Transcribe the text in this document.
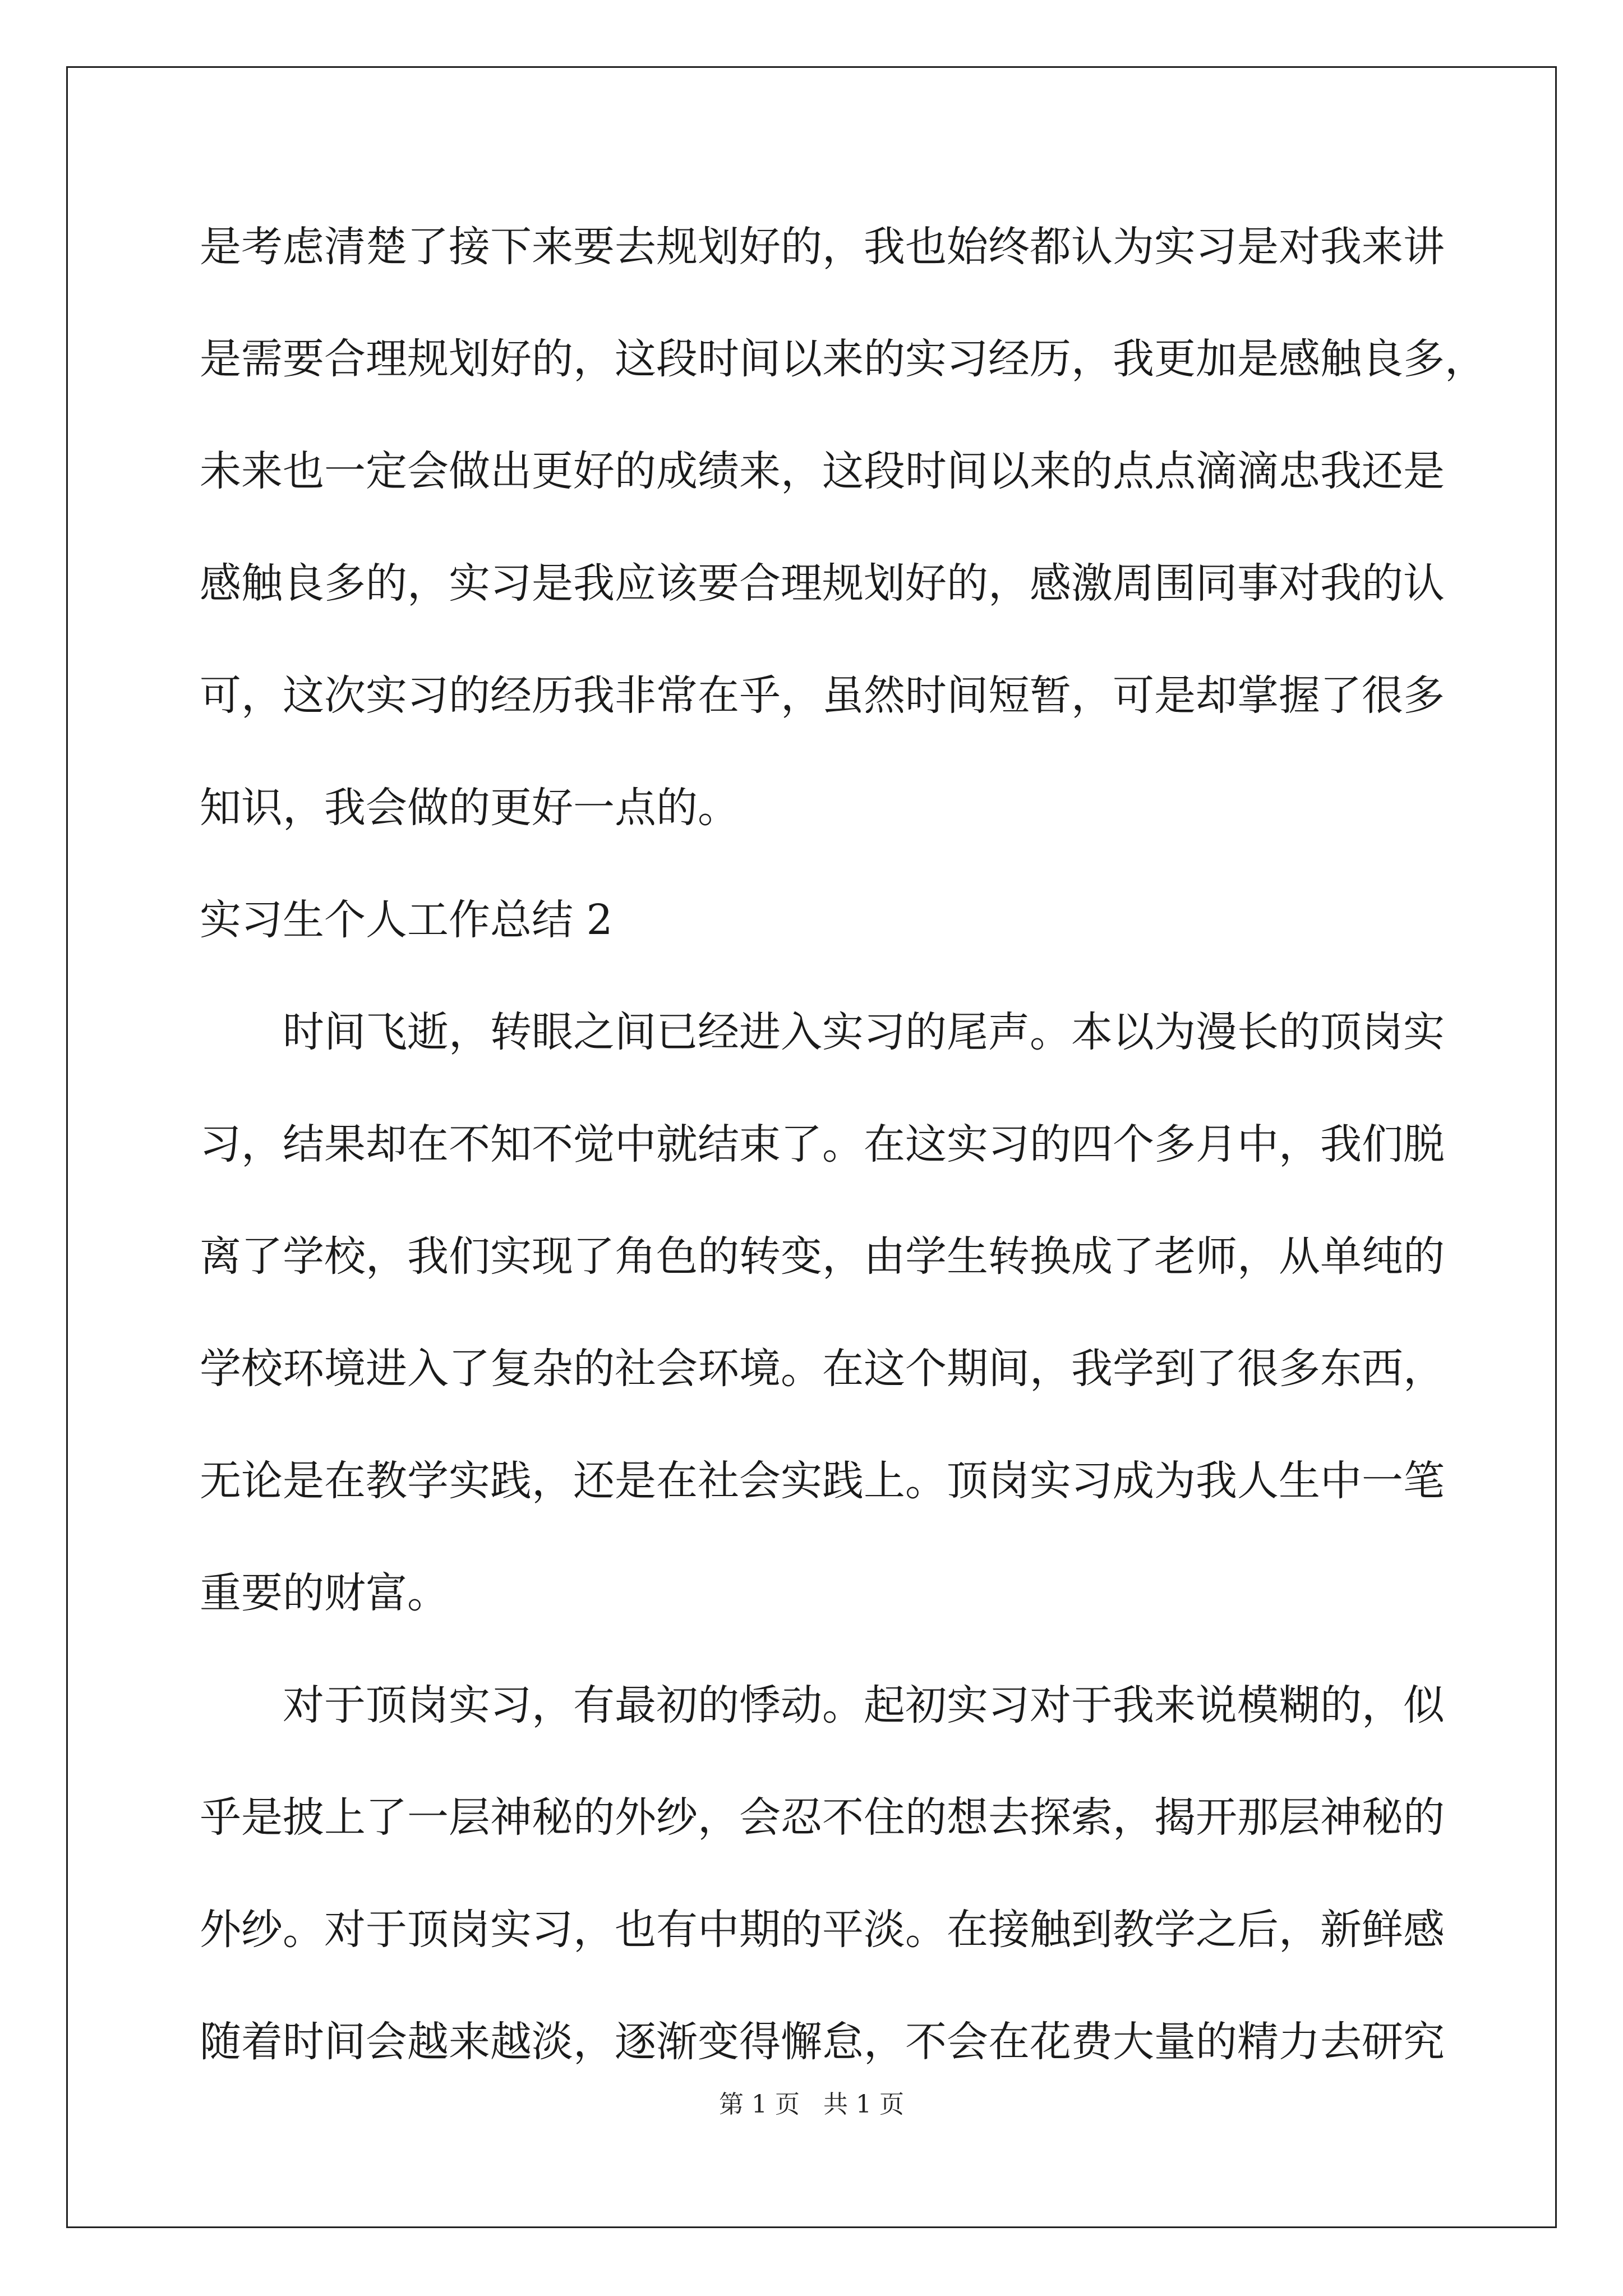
是考虑清楚了接下来要去规划好的，我也始终都认为实习是对我来讲
是需要合理规划好的，这段时间以来的实习经历，我更加是感触良多，
未来也一定会做出更好的成绩来，这段时间以来的点点滴滴忠我还是
感触良多的，实习是我应该要合理规划好的，感激周围同事对我的认
可，这次实习的经历我非常在乎，虽然时间短暂，可是却掌握了很多
知识，我会做的更好一点的。
实习生个人工作总结 2
时间飞逝，转眼之间已经进入实习的尾声。本以为漫长的顶岗实
习，结果却在不知不觉中就结束了。在这实习的四个多月中，我们脱
离了学校，我们实现了角色的转变，由学生转换成了老师，从单纯的
学校环境进入了复杂的社会环境。在这个期间，我学到了很多东西，
无论是在教学实践，还是在社会实践上。顶岗实习成为我人生中一笔
重要的财富。
对于顶岗实习，有最初的悸动。起初实习对于我来说模糊的，似
乎是披上了一层神秘的外纱，会忍不住的想去探索，揭开那层神秘的
外纱。对于顶岗实习，也有中期的平淡。在接触到教学之后，新鲜感
随着时间会越来越淡，逐渐变得懈怠，不会在花费大量的精力去研究
第 1 页 共 1 页
